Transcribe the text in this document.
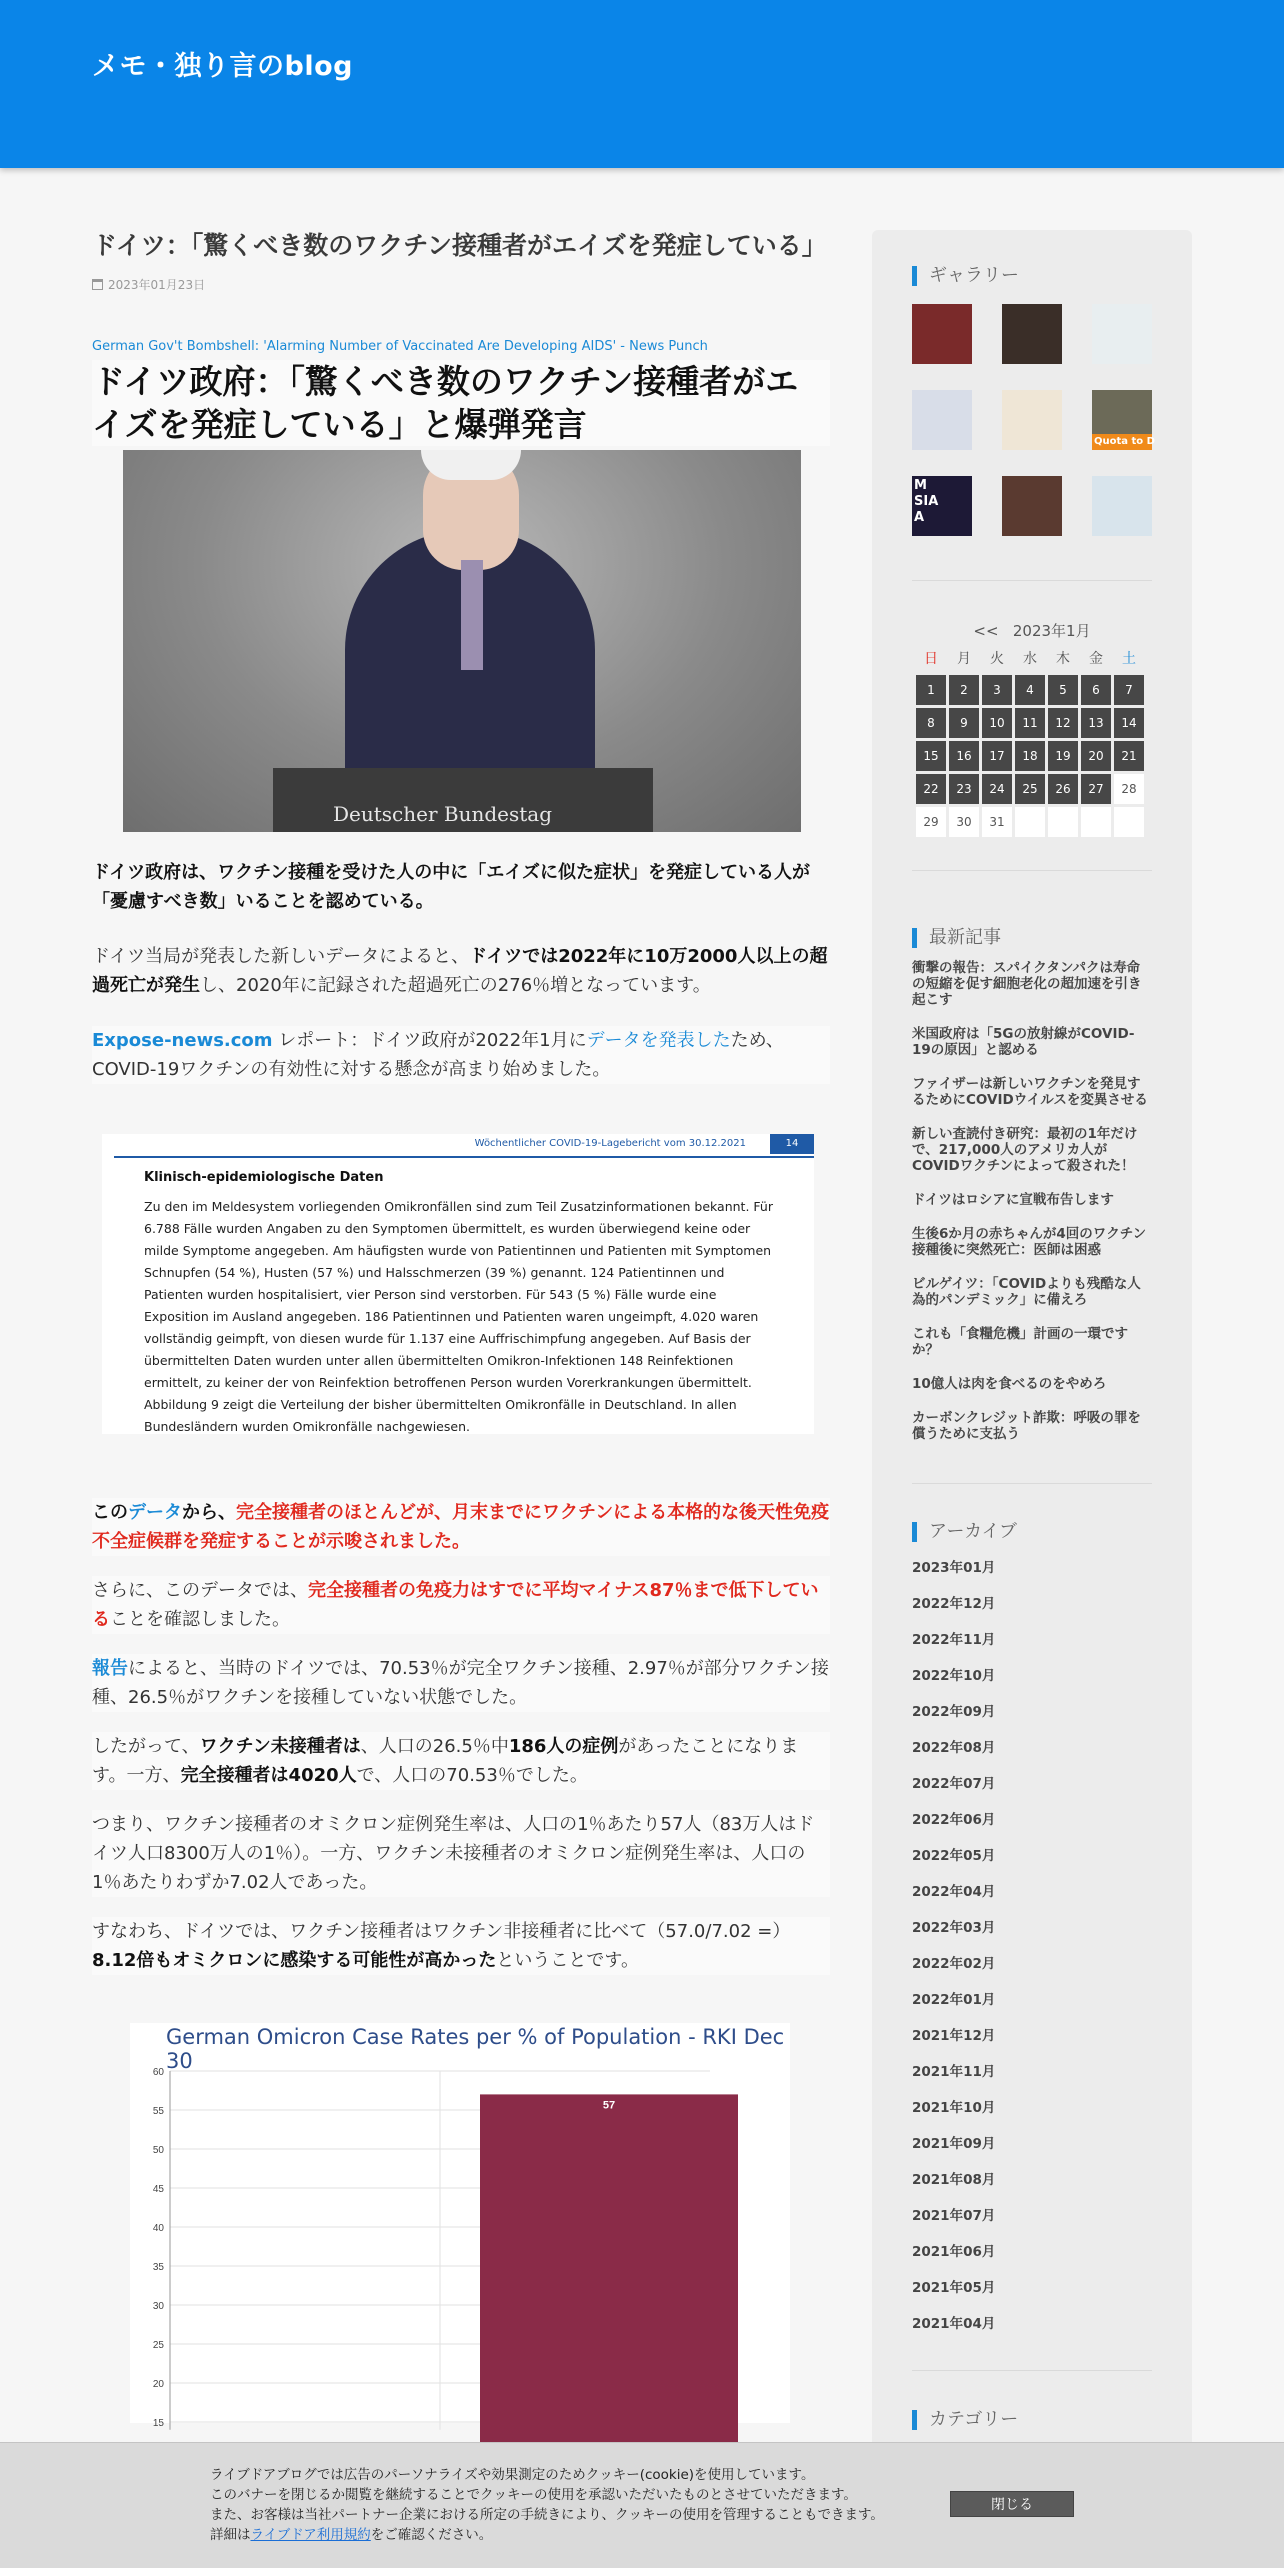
メモ・独り言のblog
ドイツ：「驚くべき数のワクチン接種者がエイズを発症している」
2023年01月23日
German Gov't Bombshell: 'Alarming Number of Vaccinated Are Developing AIDS' - News Punch
ドイツ政府：「驚くべき数のワクチン接種者がエイズを発症している」と爆弾発言
Deutscher Bundestag

ドイツ政府は、ワクチン接種を受けた人の中に「エイズに似た症状」を発症している人が「憂慮すべき数」いることを認めている。

ドイツ当局が発表した新しいデータによると、ドイツでは2022年に10万2000人以上の超過死亡が発生し、2020年に記録された超過死亡の276％増となっています。

Expose-news.com レポート：ドイツ政府が2022年1月にデータを発表したため、COVID-19ワクチンの有効性に対する懸念が高まり始めました。

Wöchentlicher COVID-19-Lagebericht vom 30.12.2021	14
Klinisch-epidemiologische Daten
Zu den im Meldesystem vorliegenden Omikronfällen sind zum Teil Zusatzinformationen bekannt. Für 6.788 Fälle wurden Angaben zu den Symptomen übermittelt, es wurden überwiegend keine oder milde Symptome angegeben. Am häufigsten wurde von Patientinnen und Patienten mit Symptomen Schnupfen (54 %), Husten (57 %) und Halsschmerzen (39 %) genannt. 124 Patientinnen und Patienten wurden hospitalisiert, vier Person sind verstorben. Für 543 (5 %) Fälle wurde eine Exposition im Ausland angegeben. 186 Patientinnen und Patienten waren ungeimpft, 4.020 waren vollständig geimpft, von diesen wurde für 1.137 eine Auffrischimpfung angegeben. Auf Basis der übermittelten Daten wurden unter allen übermittelten Omikron-Infektionen 148 Reinfektionen ermittelt, zu keiner der von Reinfektion betroffenen Person wurden Vorerkrankungen übermittelt. Abbildung 9 zeigt die Verteilung der bisher übermittelten Omikronfälle in Deutschland. In allen Bundesländern wurden Omikronfälle nachgewiesen.

このデータから、完全接種者のほとんどが、月末までにワクチンによる本格的な後天性免疫不全症候群を発症することが示唆されました。

さらに、このデータでは、完全接種者の免疫力はすでに平均マイナス87％まで低下していることを確認しました。

報告によると、当時のドイツでは、70.53％が完全ワクチン接種、2.97％が部分ワクチン接種、26.5％がワクチンを接種していない状態でした。

したがって、ワクチン未接種者は、人口の26.5％中186人の症例があったことになります。一方、完全接種者は4020人で、人口の70.53％でした。

つまり、ワクチン接種者のオミクロン症例発生率は、人口の1％あたり57人（83万人はドイツ人口8300万人の1％）。一方、ワクチン未接種者のオミクロン症例発生率は、人口の1％あたりわずか7.02人であった。

すなわち、ドイツでは、ワクチン接種者はワクチン非接種者に比べて（57.0/7.02 =）8.12倍もオミクロンに感染する可能性が高かったということです。

German Omicron Case Rates per % of Population - RKI Dec 30
15
20
25
30
35
40
45
50
55
60
57
ギャラリー
Quota to D
M
SIA
A
<< 2023年1月
日	月	火	水	木	金	土
1	2	3	4	5	6	7
8	9	10	11	12	13	14
15	16	17	18	19	20	21
22	23	24	25	26	27	28
29	30	31
最新記事
衝撃の報告：スパイクタンパクは寿命の短縮を促す細胞老化の超加速を引き起こす
米国政府は「5Gの放射線がCOVID-19の原因」と認める
ファイザーは新しいワクチンを発見するためにCOVIDウイルスを変異させる
新しい査読付き研究：最初の1年だけで、217,000人のアメリカ人がCOVIDワクチンによって殺された！
ドイツはロシアに宣戦布告します
生後6か月の赤ちゃんが4回のワクチン接種後に突然死亡：医師は困惑
ビルゲイツ：「COVIDよりも残酷な人為的パンデミック」に備えろ
これも「食糧危機」計画の一環ですか？
10億人は肉を食べるのをやめろ
カーボンクレジット詐欺：呼吸の罪を償うために支払う
アーカイブ
2023年01月
2022年12月
2022年11月
2022年10月
2022年09月
2022年08月
2022年07月
2022年06月
2022年05月
2022年04月
2022年03月
2022年02月
2022年01月
2021年12月
2021年11月
2021年10月
2021年09月
2021年08月
2021年07月
2021年06月
2021年05月
2021年04月
カテゴリー
ライブドアブログでは広告のパーソナライズや効果測定のためクッキー(cookie)を使用しています。
このバナーを閉じるか閲覧を継続することでクッキーの使用を承認いただいたものとさせていただきます。
また、お客様は当社パートナー企業における所定の手続きにより、クッキーの使用を管理することもできます。
詳細はライブドア利用規約をご確認ください。
閉じる
